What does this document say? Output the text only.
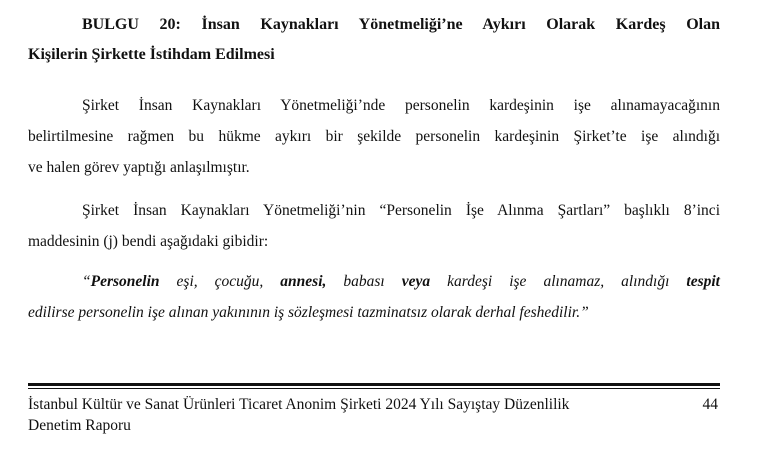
BULGU 20: İnsan Kaynakları Yönetmeliği’ne Aykırı Olarak Kardeş Olan
Kişilerin Şirkette İstihdam Edilmesi
Şirket İnsan Kaynakları Yönetmeliği’nde personelin kardeşinin işe alınamayacağının
belirtilmesine rağmen bu hükme aykırı bir şekilde personelin kardeşinin Şirket’te işe alındığı
ve halen görev yaptığı anlaşılmıştır.
Şirket İnsan Kaynakları Yönetmeliği’nin “Personelin İşe Alınma Şartları” başlıklı 8’inci
maddesinin (j) bendi aşağıdaki gibidir:
“Personelin eşi, çocuğu, annesi, babası veya kardeşi işe alınamaz, alındığı tespit
edilirse personelin işe alınan yakınının iş sözleşmesi tazminatsız olarak derhal feshedilir.”
İstanbul Kültür ve Sanat Ürünleri Ticaret Anonim Şirketi 2024 Yılı Sayıştay Düzenlilik
Denetim Raporu
44
